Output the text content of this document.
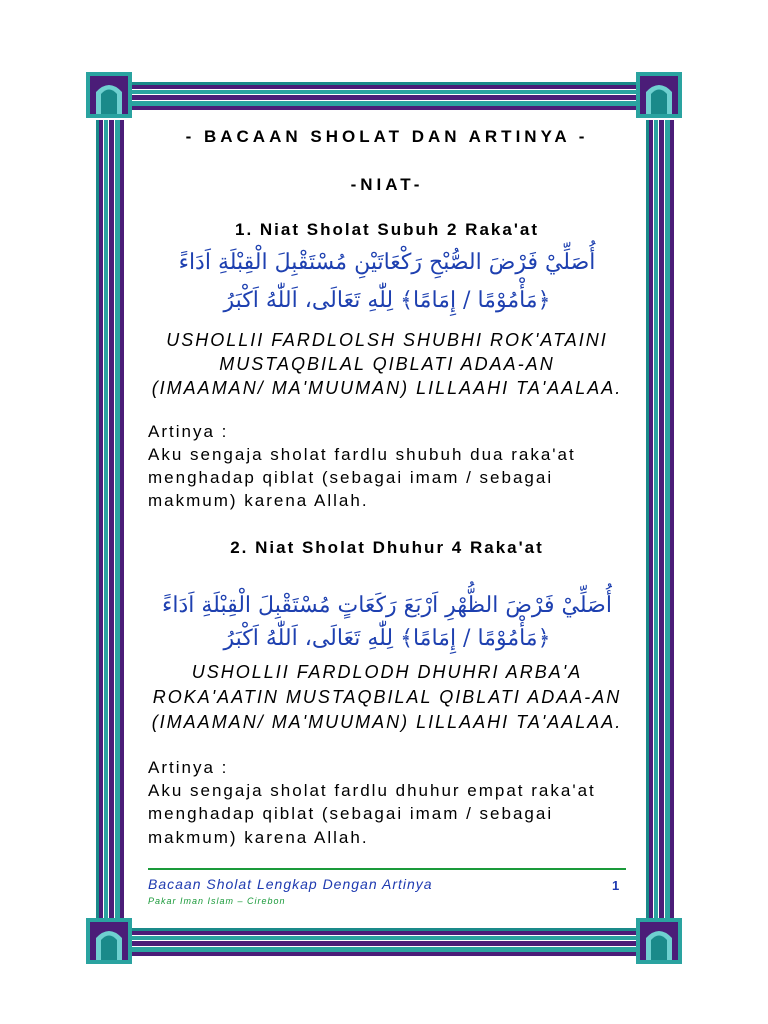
- BACAAN SHOLAT DAN ARTINYA -
-NIAT-
1. Niat Sholat Subuh 2 Raka'at
أُصَلِّيْ فَرْضَ الصُّبْحِ رَكْعَاتَيْنِ مُسْتَقْبِلَ الْقِبْلَةِ اَدَاءً
﴿مَأْمُوْمًا / إِمَامًا﴾ لِلّٰهِ تَعَالَى، اَللّٰهُ اَكْبَرُ
USHOLLII FARDLOLSH SHUBHI ROK'ATAINI
MUSTAQBILAL QIBLATI ADAA-AN
(IMAAMAN/ MA'MUUMAN) LILLAAHI TA'AALAA.
Artinya :
Aku sengaja sholat fardlu shubuh dua raka'at
menghadap qiblat (sebagai imam / sebagai
makmum) karena Allah.
2. Niat Sholat Dhuhur 4 Raka'at
أُصَلِّيْ فَرْضَ الظُّهْرِ اَرْبَعَ رَكَعَاتٍ مُسْتَقْبِلَ الْقِبْلَةِ اَدَاءً
﴿مَأْمُوْمًا / إِمَامًا﴾ لِلّٰهِ تَعَالَى، اَللّٰهُ اَكْبَرُ
USHOLLII FARDLODH DHUHRI ARBA'A
ROKA'AATIN MUSTAQBILAL QIBLATI ADAA-AN
(IMAAMAN/ MA'MUUMAN) LILLAAHI TA'AALAA.
Artinya :
Aku sengaja sholat fardlu dhuhur empat raka'at
menghadap qiblat (sebagai imam / sebagai
makmum) karena Allah.
Bacaan Sholat Lengkap Dengan Artinya	1
Pakar Iman Islam – Cirebon
